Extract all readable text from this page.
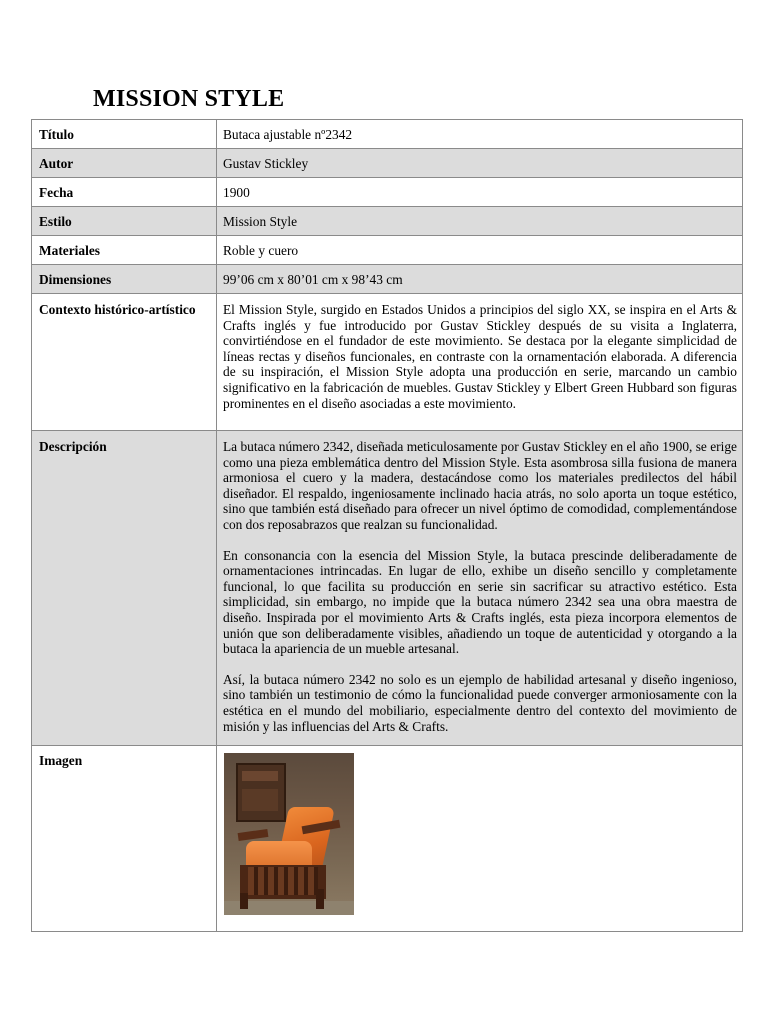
MISSION STYLE
Título	Butaca ajustable nº2342
Autor	Gustav Stickley
Fecha	1900
Estilo	Mission Style
Materiales	Roble y cuero
Dimensiones	99’06 cm x 80’01 cm x 98’43 cm
Contexto histórico-artístico	El Mission Style, surgido en Estados Unidos a principios del siglo XX, se inspira en el Arts & Crafts inglés y fue introducido por Gustav Stickley después de su visita a Inglaterra, convirtiéndose en el fundador de este movimiento. Se destaca por la elegante simplicidad de líneas rectas y diseños funcionales, en contraste con la ornamentación elaborada. A diferencia de su inspiración, el Mission Style adopta una producción en serie, marcando un cambio significativo en la fabricación de muebles. Gustav Stickley y Elbert Green Hubbard son figuras prominentes en el diseño asociadas a este movimiento.
Descripción	La butaca número 2342, diseñada meticulosamente por Gustav Stickley en el año 1900, se erige como una pieza emblemática dentro del Mission Style. Esta asombrosa silla fusiona de manera armoniosa el cuero y la madera, destacándose como los materiales predilectos del hábil diseñador. El respaldo, ingeniosamente inclinado hacia atrás, no solo aporta un toque estético, sino que también está diseñado para ofrecer un nivel óptimo de comodidad, complementándose con dos reposabrazos que realzan su funcionalidad.

En consonancia con la esencia del Mission Style, la butaca prescinde deliberadamente de ornamentaciones intrincadas. En lugar de ello, exhibe un diseño sencillo y completamente funcional, lo que facilita su producción en serie sin sacrificar su atractivo estético. Esta simplicidad, sin embargo, no impide que la butaca número 2342 sea una obra maestra de diseño. Inspirada por el movimiento Arts & Crafts inglés, esta pieza incorpora elementos de unión que son deliberadamente visibles, añadiendo un toque de autenticidad y otorgando a la butaca la apariencia de un mueble artesanal.

Así, la butaca número 2342 no solo es un ejemplo de habilidad artesanal y diseño ingenioso, sino también un testimonio de cómo la funcionalidad puede converger armoniosamente con la estética en el mundo del mobiliario, especialmente dentro del contexto del movimiento de misión y las influencias del Arts & Crafts.

Imagen	
